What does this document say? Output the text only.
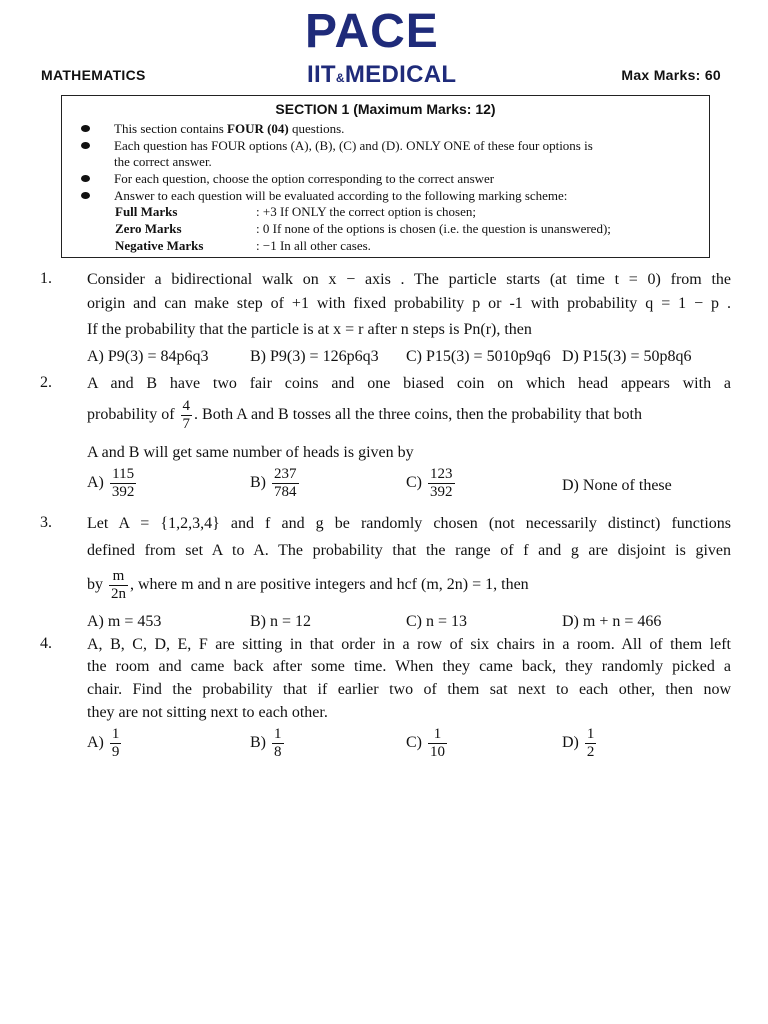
MATHEMATICS
PACE
IIT&MEDICAL	Max Marks: 60
SECTION 1 (Maximum Marks: 12)
This section contains FOUR (04) questions.
Each question has FOUR options (A), (B), (C) and (D). ONLY ONE of these four options is
the correct answer.
For each question, choose the option corresponding to the correct answer
Answer to each question will be evaluated according to the following marking scheme:
Full Marks	: +3 If ONLY the correct option is chosen;
Zero Marks	: 0 If none of the options is chosen (i.e. the question is unanswered);
Negative Marks	: −1 In all other cases.
1. Consider a bidirectional walk on x − axis . The particle starts (at time t = 0) from the
origin and can make step of +1 with fixed probability p or -1 with probability q = 1 − p .
If the probability that the particle is at x = r after n steps is Pn(r), then
A) P9(3) = 84p6q3	B) P9(3) = 126p6q3 C) P15(3) = 5010p9q6 D) P15(3) = 50p8q6
2. A and B have two fair coins and one biased coin on which head appears with a
probability of $\frac{4}{7}$ . Both A and B tosses all the three coins, then the probability that both
A and B will get same number of heads is given by
$A) \frac{115}{392}$	$B) \frac{237}{784}$	$C) \frac{123}{392}$	D) None of these
3. Let A = {1,2,3,4} and f and g be randomly chosen (not necessarily distinct) functions
defined from set A to A. The probability that the range of f and g are disjoint is given
by $\frac{m}{2n}$ , where m and n are positive integers and hcf (m, 2n) = 1, then
A) m = 453	B) n = 12	C) n = 13	D) m + n = 466
4. A, B, C, D, E, F are sitting in that order in a row of six chairs in a room. All of them left
the room and came back after some time. When they came back, they randomly picked a
chair. Find the probability that if earlier two of them sat next to each other, then now
they are not sitting next to each other.
$A) \frac{1}{9}$	$B) \frac{1}{8}$	$C) \frac{1}{10}$	$D) \frac{1}{2}$
